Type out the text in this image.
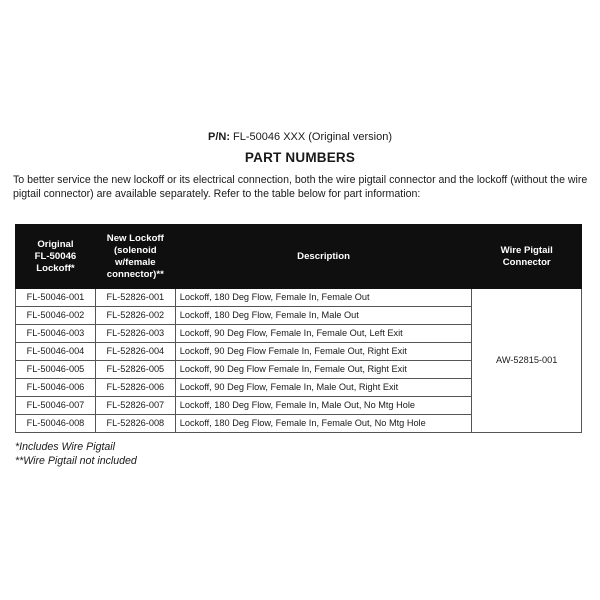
P/N: FL-50046 XXX (Original version)
PART NUMBERS
To better service the new lockoff or its electrical connection, both the wire pigtail connector and the lockoff (without the wire pigtail connector) are available separately. Refer to the table below for part information:
Original
FL-50046
Lockoff*	New Lockoff
(solenoid
w/female
connector)**	Description	Wire Pigtail
Connector
FL-50046-001	FL-52826-001	Lockoff, 180 Deg Flow, Female In, Female Out	AW-52815-001
FL-50046-002	FL-52826-002	Lockoff, 180 Deg Flow, Female In, Male Out	
FL-50046-003	FL-52826-003	Lockoff, 90 Deg Flow, Female In, Female Out, Left Exit	
FL-50046-004	FL-52826-004	Lockoff, 90 Deg Flow Female In, Female Out, Right Exit	
FL-50046-005	FL-52826-005	Lockoff, 90 Deg Flow Female In, Female Out, Right Exit	
FL-50046-006	FL-52826-006	Lockoff, 90 Deg Flow, Female In, Male Out, Right Exit	
FL-50046-007	FL-52826-007	Lockoff, 180 Deg Flow, Female In, Male Out, No Mtg Hole	
FL-50046-008	FL-52826-008	Lockoff, 180 Deg Flow, Female In, Female Out, No Mtg Hole	
*Includes Wire Pigtail
**Wire Pigtail not included
